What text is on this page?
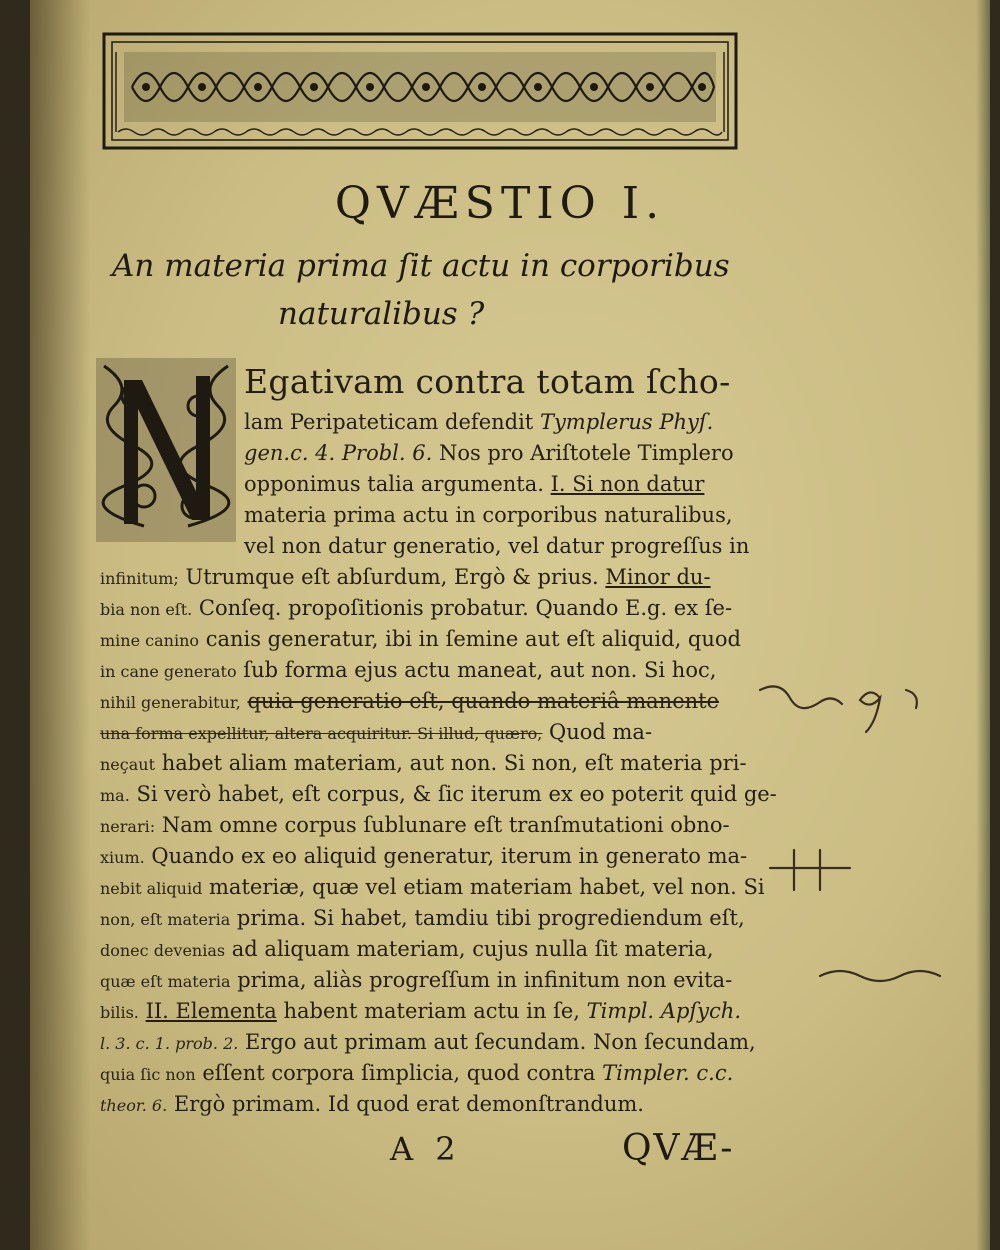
QVÆSTIO I.
An materia prima ſit actu in corporibus
naturalibus ?
Egativam contra totam ſcho-
lam Peripateticam defendit Tymplerus Phyſ.
gen.c. 4. Probl. 6. Nos pro Ariſtotele Timplero
opponimus talia argumenta. I. Si non datur
materia prima actu in corporibus naturalibus,
vel non datur generatio, vel datur progreſſus in
infinitum; Utrumque eſt abſurdum, Ergò & prius. Minor du-
bia non eſt. Conſeq. propoſitionis probatur. Quando E.g. ex ſe-
mine canino canis generatur, ibi in ſemine aut eſt aliquid, quod
in cane generato ſub forma ejus actu maneat, aut non. Si hoc,
nihil generabitur, quia generatio eſt, quando materiâ manente
una forma expellitur, altera acquiritur. Si illud, quæro, Quod ma-
neçaut habet aliam materiam, aut non. Si non, eſt materia pri-
ma. Si verò habet, eſt corpus, & ſic iterum ex eo poterit quid ge-
nerari: Nam omne corpus ſublunare eſt tranſmutationi obno-
xium. Quando ex eo aliquid generatur, iterum in generato ma-
nebit aliquid materiæ, quæ vel etiam materiam habet, vel non. Si
non, eſt materia prima. Si habet, tamdiu tibi progrediendum eſt,
donec devenias ad aliquam materiam, cujus nulla ſit materia,
quæ eſt materia prima, aliàs progreſſum in infinitum non evita-
bilis. II. Elementa habent materiam actu in ſe, Timpl. Apſych.
l. 3. c. 1. prob. 2. Ergo aut primam aut ſecundam. Non ſecundam,
quia ſic non eſſent corpora ſimplicia, quod contra Timpler. c.c.
theor. 6. Ergò primam. Id quod erat demonſtrandum.
A 2	QVÆ-
